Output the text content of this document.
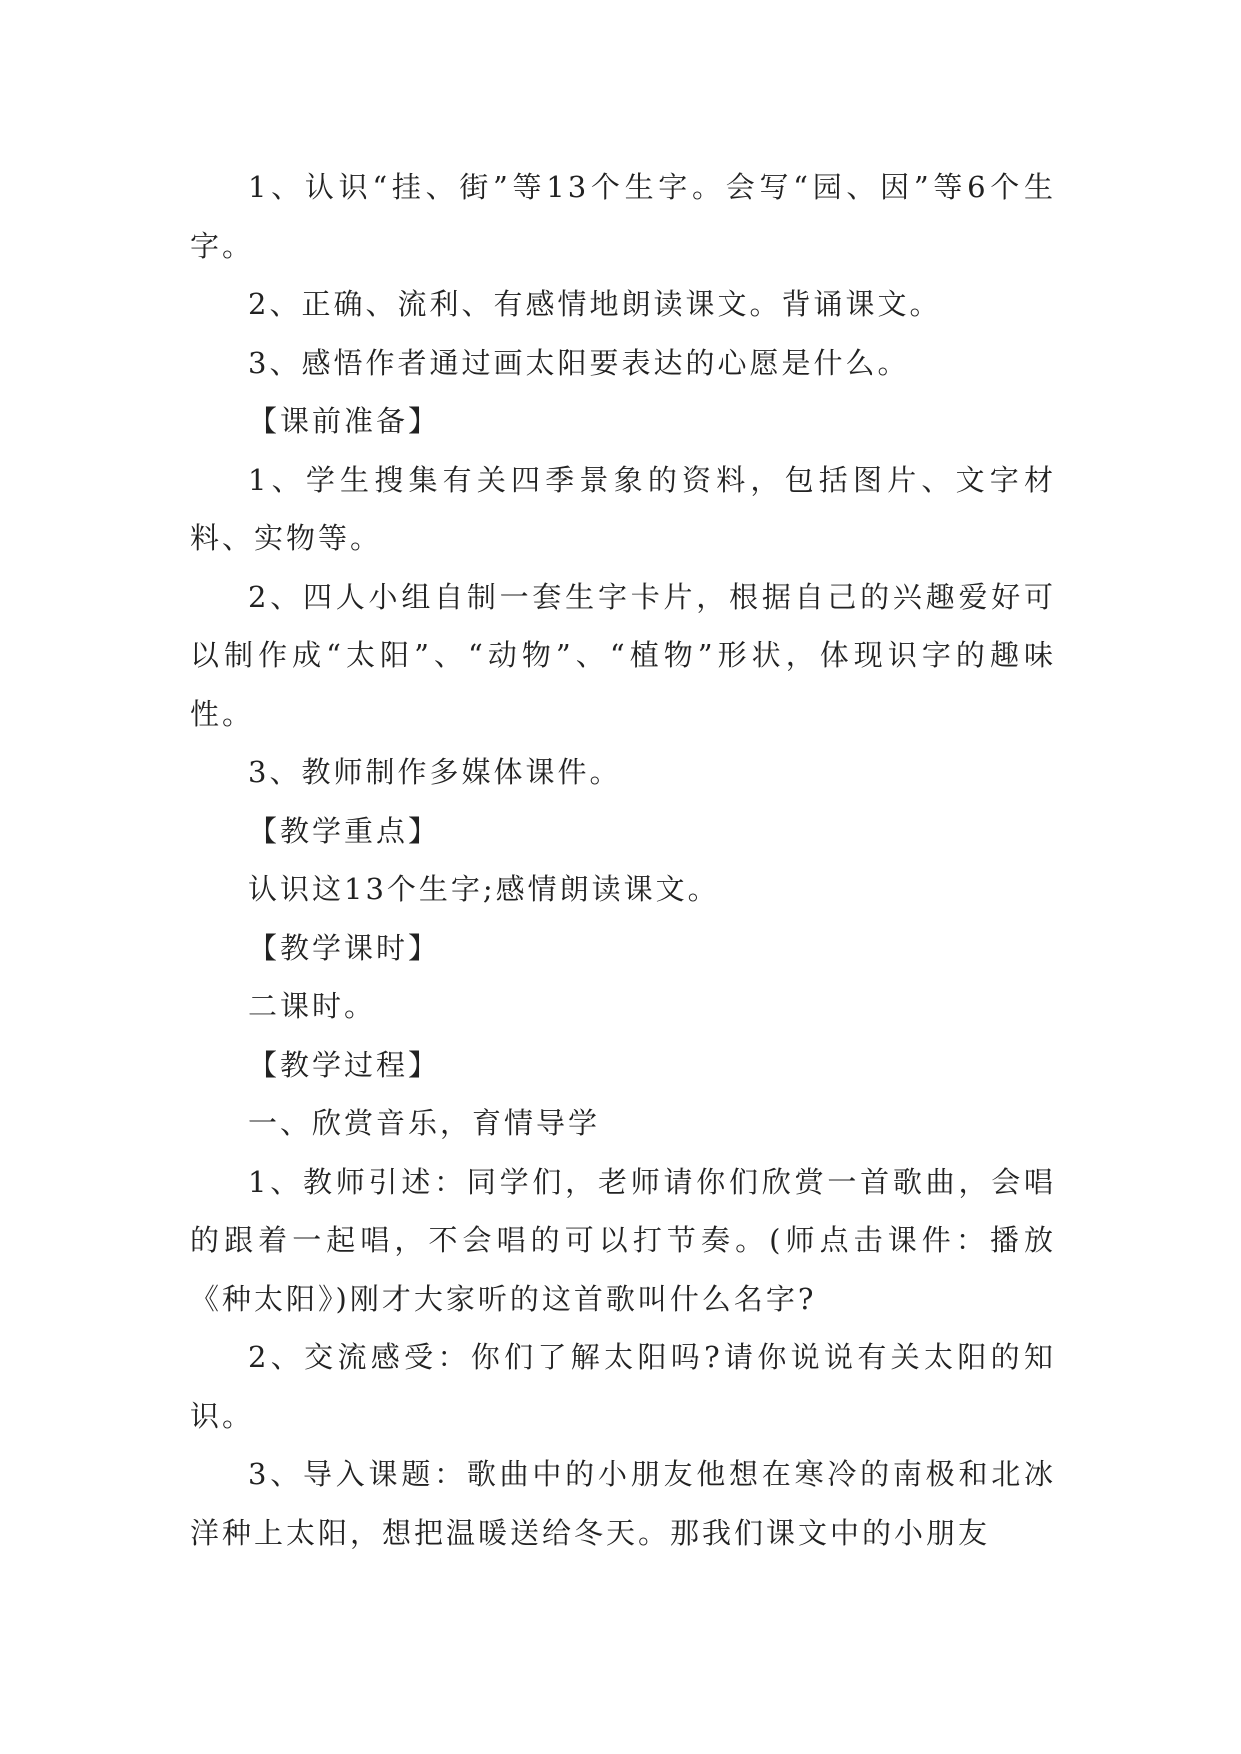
1、认识“挂、街”等13个生字。会写“园、因”等6个生字。

2、正确、流利、有感情地朗读课文。背诵课文。

3、感悟作者通过画太阳要表达的心愿是什么。

【课前准备】

1、学生搜集有关四季景象的资料，包括图片、文字材料、实物等。

2、四人小组自制一套生字卡片，根据自己的兴趣爱好可以制作成“太阳”、“动物”、“植物”形状，体现识字的趣味性。

3、教师制作多媒体课件。

【教学重点】

认识这13个生字;感情朗读课文。

【教学课时】

二课时。

【教学过程】

一、欣赏音乐，育情导学

1、教师引述：同学们，老师请你们欣赏一首歌曲，会唱的跟着一起唱，不会唱的可以打节奏。(师点击课件：播放《种太阳》)刚才大家听的这首歌叫什么名字?

2、交流感受：你们了解太阳吗?请你说说有关太阳的知识。

3、导入课题：歌曲中的小朋友他想在寒冷的南极和北冰洋种上太阳，想把温暖送给冬天。那我们课文中的小朋友
